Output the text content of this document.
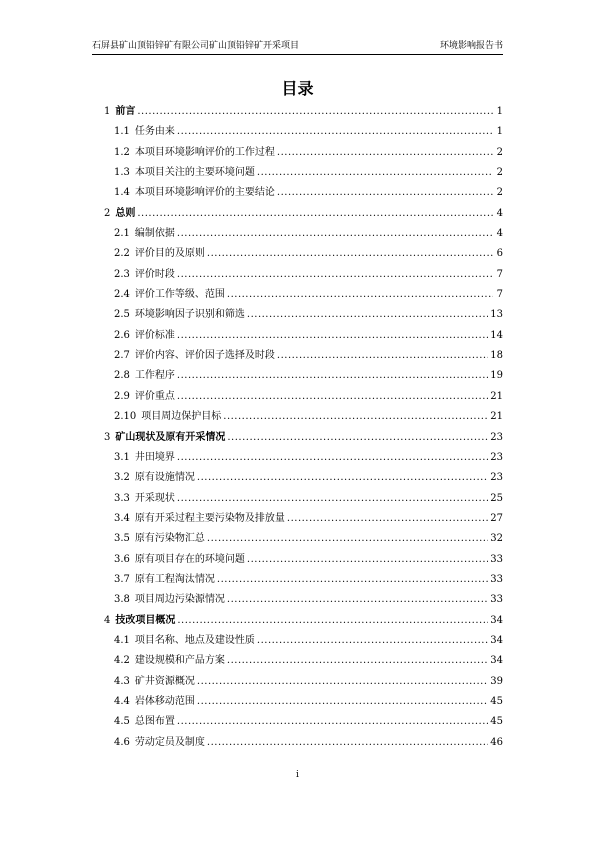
石屏县矿山顶铅锌矿有限公司矿山顶铅锌矿开采项目	环境影响报告书
目录
1 前言 .....	1
1.1 任务由来 .....	1
1.2 本项目环境影响评价的工作过程 .....	2
1.3 本项目关注的主要环境问题 .....	2
1.4 本项目环境影响评价的主要结论 .....	2
2 总则 .....	4
2.1 编制依据 .....	4
2.2 评价目的及原则 .....	6
2.3 评价时段 .....	7
2.4 评价工作等级、范围 .....	7
2.5 环境影响因子识别和筛选 .....	13
2.6 评价标准 .....	14
2.7 评价内容、评价因子选择及时段 .....	18
2.8 工作程序 .....	19
2.9 评价重点 .....	21
2.10 项目周边保护目标 .....	21
3 矿山现状及原有开采情况 .....	23
3.1 井田境界 .....	23
3.2 原有设施情况 .....	23
3.3 开采现状 .....	25
3.4 原有开采过程主要污染物及排放量 .....	27
3.5 原有污染物汇总 .....	32
3.6 原有项目存在的环境问题 .....	33
3.7 原有工程淘汰情况 .....	33
3.8 项目周边污染源情况 .....	33
4 技改项目概况 .....	34
4.1 项目名称、地点及建设性质 .....	34
4.2 建设规模和产品方案 .....	34
4.3 矿井资源概况 .....	39
4.4 岩体移动范围 .....	45
4.5 总图布置 .....	45
4.6 劳动定员及制度 .....	46
i
